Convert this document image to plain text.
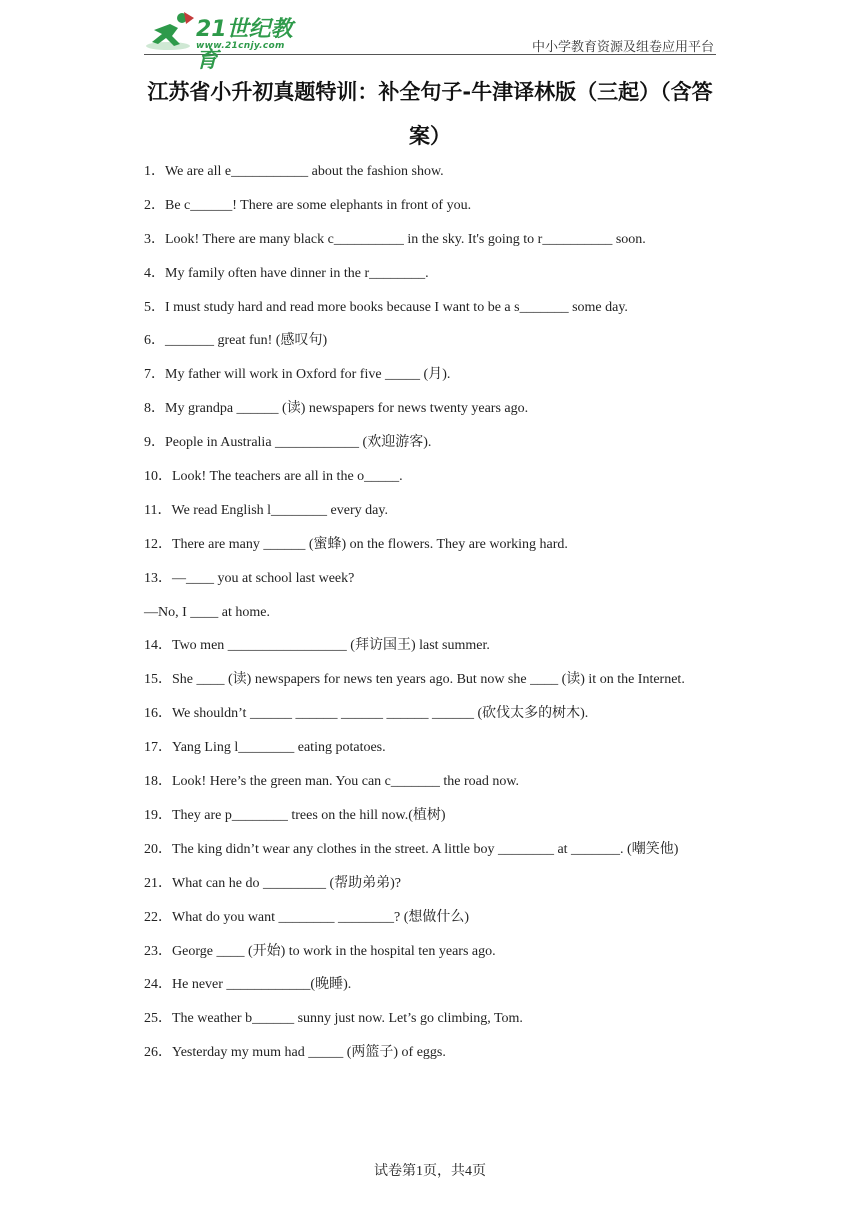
21世纪教育
www.21cnjy.com	中小学教育资源及组卷应用平台
江苏省小升初真题特训：补全句子-牛津译林版（三起）（含答案）
1．We are all e___________ about the fashion show.
2．Be c______! There are some elephants in front of you.
3．Look! There are many black c__________ in the sky. It's going to r__________ soon.
4．My family often have dinner in the r________.
5．I must study hard and read more books because I want to be a s_______ some day.
6．_______ great fun! (感叹句)
7．My father will work in Oxford for five _____ (月).
8．My grandpa ______ (读) newspapers for news twenty years ago.
9．People in Australia ____________ (欢迎游客).
10．Look! The teachers are all in the o_____.
11．We read English l________ every day.
12．There are many ______ (蜜蜂) on the flowers. They are working hard.
13．—____ you at school last week?
—No, I ____ at home.
14．Two men _________________ (拜访国王) last summer.
15．She ____ (读) newspapers for news ten years ago. But now she ____ (读) it on the Internet.
16．We shouldn’t ______ ______ ______ ______ ______ (砍伐太多的树木).
17．Yang Ling l________ eating potatoes.
18．Look! Here’s the green man. You can c_______ the road now.
19．They are p________ trees on the hill now.(植树)
20．The king didn’t wear any clothes in the street. A little boy ________ at _______. (嘲笑他)
21．What can he do _________ (帮助弟弟)?
22．What do you want ________ ________? (想做什么)
23．George ____ (开始) to work in the hospital ten years ago.
24．He never ____________(晚睡).
25．The weather b______ sunny just now. Let’s go climbing, Tom.
26．Yesterday my mum had _____ (两篮子) of eggs.
试卷第1页，共4页
